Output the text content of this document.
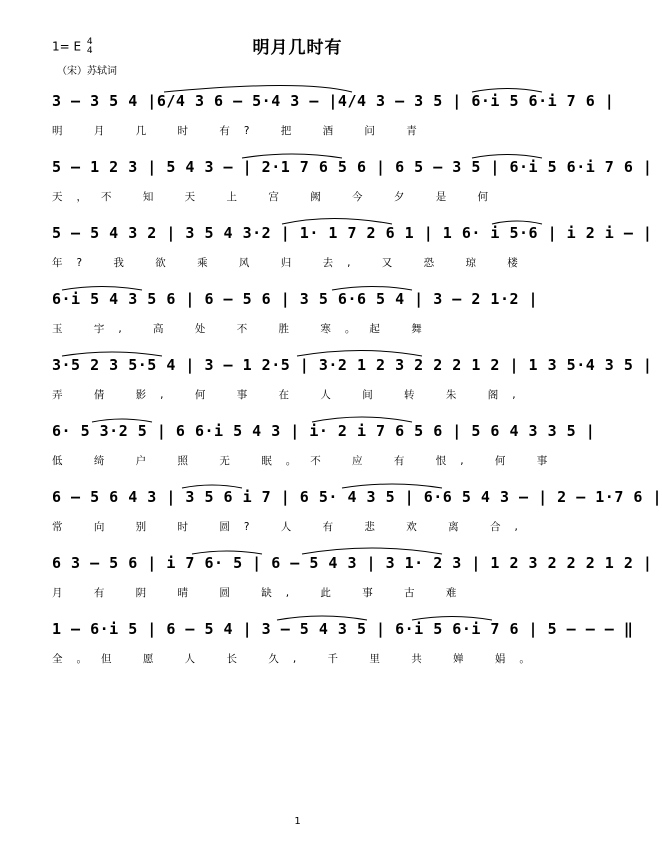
1= E 4
4	明月几时有
（宋）苏轼词
3 – 3 5 4 |6/4 3 6 – 5·4 3 – |4/4 3 – 3 5 | 6·i 5 6·i 7 6 |
明 月 几 时 有? 把 酒 问 青
5 – 1 2 3 | 5 4 3 – | 2·1 7 6 5 6 | 6 5 – 3 5 | 6·i 5 6·i 7 6 |
天，不 知 天 上 宫 阙 今 夕 是 何
5 – 5 4 3 2 | 3 5 4 3·2 | 1· 1 7 2 6 1 | 1 6· i 5·6 | i 2 i – |
年? 我 欲 乘 风 归 去, 又 恐 琼 楼
6·i 5 4 3 5 6 | 6 – 5 6 | 3 5 6·6 5 4 | 3 – 2 1·2 |
玉 宇, 高 处 不 胜 寒。起 舞
3·5 2 3 5·5 4 | 3 – 1 2·5 | 3·2 1 2 3 2 2 2 1 2 | 1 3 5·4 3 5 |
弄 倩 影, 何 事 在 人 间 转 朱 阁,
6· 5 3·2 5 | 6 6·i 5 4 3 | i· 2 i 7 6 5 6 | 5 6 4 3 3 5 |
低 绮 户 照 无 眠。不 应 有 恨, 何 事
6 – 5 6 4 3 | 3 5 6 i 7 | 6 5· 4 3 5 | 6·6 5 4 3 – | 2 – 1·7 6 |
常 向 别 时 圆? 人 有 悲 欢 离 合,
6 3 – 5 6 | i 7 6· 5 | 6 – 5 4 3 | 3 1· 2 3 | 1 2 3 2 2 2 1 2 |
月 有 阴 晴 圆 缺, 此 事 古 难
1 – 6·i 5 | 6 – 5 4 | 3 – 5 4 3 5 | 6·i 5 6·i 7 6 | 5 – – – ‖
全。但 愿 人 长 久, 千 里 共 婵 娟。
1
